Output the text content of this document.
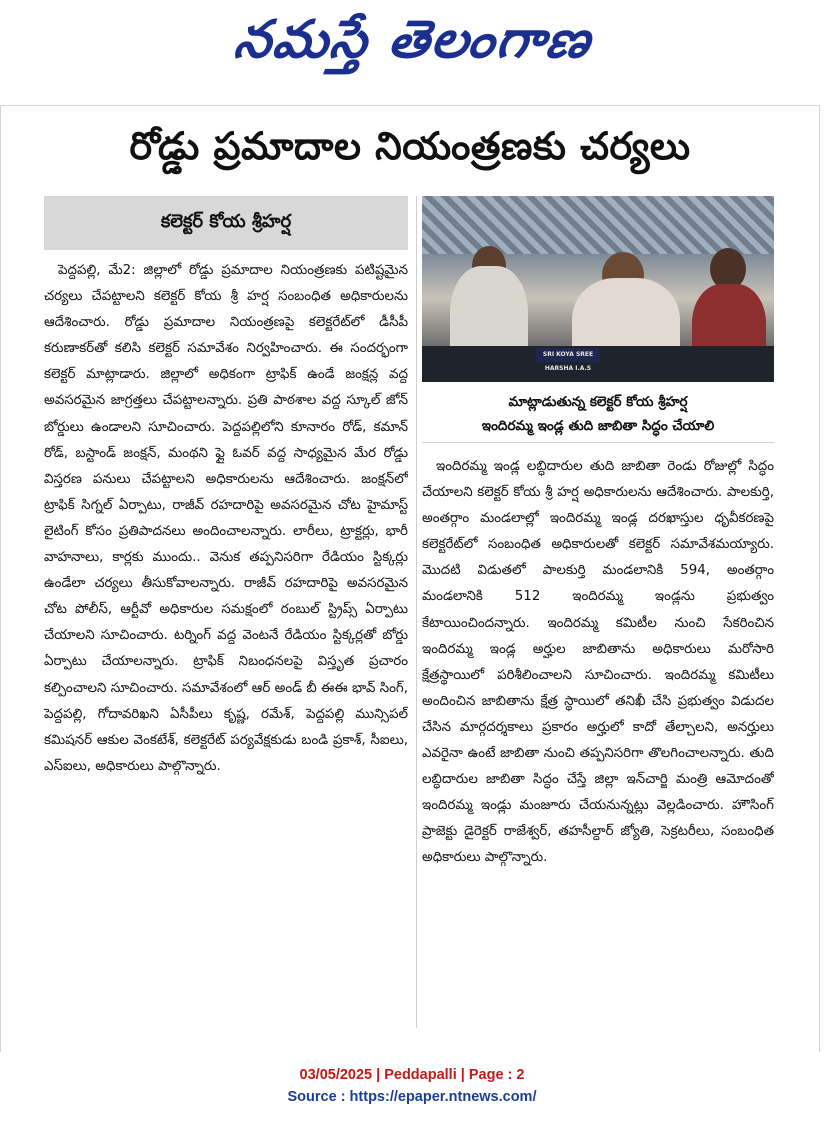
నమస్తే తెలంగాణ
రోడ్డు ప్రమాదాల నియంత్రణకు చర్యలు
కలెక్టర్ కోయ శ్రీహర్ష
పెద్దపల్లి, మే2: జిల్లాలో రోడ్డు ప్రమాదాల నియంత్రణకు పటిష్టమైన చర్యలు చేపట్టాలని కలెక్టర్ కోయ శ్రీ హర్ష సంబంధిత అధికారులను ఆదేశించారు. రోడ్డు ప్రమాదాల నియంత్రణపై కలెక్టరేట్‌లో డీసీపీ కరుణాకర్‌తో కలిసి కలెక్టర్ సమావేశం నిర్వహించారు. ఈ సందర్భంగా కలెక్టర్ మాట్లాడారు. జిల్లాలో అధికంగా ట్రాఫిక్ ఉండే జంక్షన్ల వద్ద అవసరమైన జాగ్రత్తలు చేపట్టాలన్నారు. ప్రతి పాఠశాల వద్ద స్కూల్ జోన్ బోర్డులు ఉండాలని సూచించారు. పెద్దపల్లిలోని కూనారం రోడ్, కమాన్ రోడ్, బస్టాండ్ జంక్షన్, మంథని ఫ్లై ఓవర్ వద్ద సాధ్యమైన మేర రోడ్డు విస్తరణ పనులు చేపట్టాలని అధికారులను ఆదేశించారు. జంక్షన్‌లో ట్రాఫిక్ సిగ్నల్ ఏర్పాటు, రాజీవ్ రహదారిపై అవసరమైన చోట హైమాస్ట్ లైటింగ్ కోసం ప్రతిపాదనలు అందించాలన్నారు. లారీలు, ట్రాక్టర్లు, భారీ వాహనాలు, కార్లకు ముందు.. వెనుక తప్పనిసరిగా రేడియం స్టిక్కర్లు ఉండేలా చర్యలు తీసుకోవాలన్నారు. రాజీవ్ రహదారిపై అవసరమైన చోట పోలీస్, ఆర్టీవో అధికారుల సమక్షంలో రంబుల్ స్ట్రిప్స్ ఏర్పాటు చేయాలని సూచించారు. టర్నింగ్ వద్ద వెంటనే రేడియం స్టిక్కర్లతో బోర్డు ఏర్పాటు చేయాలన్నారు. ట్రాఫిక్ నిబంధనలపై విస్తృత ప్రచారం కల్పించాలని సూచించారు. సమావేశంలో ఆర్ అండ్ బీ ఈఈ భావ్ సింగ్, పెద్దపల్లి, గోదావరిఖని ఏసీపీలు కృష్ణ, రమేశ్, పెద్దపల్లి మున్సిపల్ కమిషనర్ ఆకుల వెంకటేశ్, కలెక్టరేట్ పర్యవేక్షకుడు బండి ప్రకాశ్, సీఐలు, ఎస్ఐలు, అధికారులు పాల్గొన్నారు.
SRI KOYA SREE HARSHA I.A.S
మాట్లాడుతున్న కలెక్టర్ కోయ శ్రీహర్ష
ఇందిరమ్మ ఇండ్ల తుది జాబితా సిద్ధం చేయాలి
ఇందిరమ్మ ఇండ్ల లబ్ధిదారుల తుది జాబితా రెండు రోజుల్లో సిద్ధం చేయాలని కలెక్టర్ కోయ శ్రీ హర్ష అధికారులను ఆదేశించారు. పాలకుర్తి, అంతర్గాం మండలాల్లో ఇందిరమ్మ ఇండ్ల దరఖాస్తుల ధృవీకరణపై కలెక్టరేట్‌లో సంబంధిత అధికారులతో కలెక్టర్ సమావేశమయ్యారు. మొదటి విడుతలో పాలకుర్తి మండలానికి 594, అంతర్గాం మండలానికి 512 ఇందిరమ్మ ఇండ్లను ప్రభుత్వం కేటాయించిందన్నారు. ఇందిరమ్మ కమిటీల నుంచి సేకరించిన ఇందిరమ్మ ఇండ్ల అర్హుల జాబితాను అధికారులు మరోసారి క్షేత్రస్థాయిలో పరిశీలించాలని సూచించారు. ఇందిరమ్మ కమిటీలు అందించిన జాబితాను క్షేత్ర స్థాయిలో తనిఖీ చేసి ప్రభుత్వం విడుదల చేసిన మార్గదర్శకాలు ప్రకారం అర్హులో కాదో తేల్చాలని, అనర్హులు ఎవరైనా ఉంటే జాబితా నుంచి తప్పనిసరిగా తొలగించాలన్నారు. తుది లబ్ధిదారుల జాబితా సిద్ధం చేస్తే జిల్లా ఇన్‌చార్జి మంత్రి ఆమోదంతో ఇందిరమ్మ ఇండ్లు మంజూరు చేయనున్నట్లు వెల్లడించారు. హౌసింగ్ ప్రాజెక్టు డైరెక్టర్ రాజేశ్వర్, తహసీల్దార్ జ్యోతి, సెక్రటరీలు, సంబంధిత అధికారులు పాల్గొన్నారు.
03/05/2025 | Peddapalli | Page : 2
Source : https://epaper.ntnews.com/
